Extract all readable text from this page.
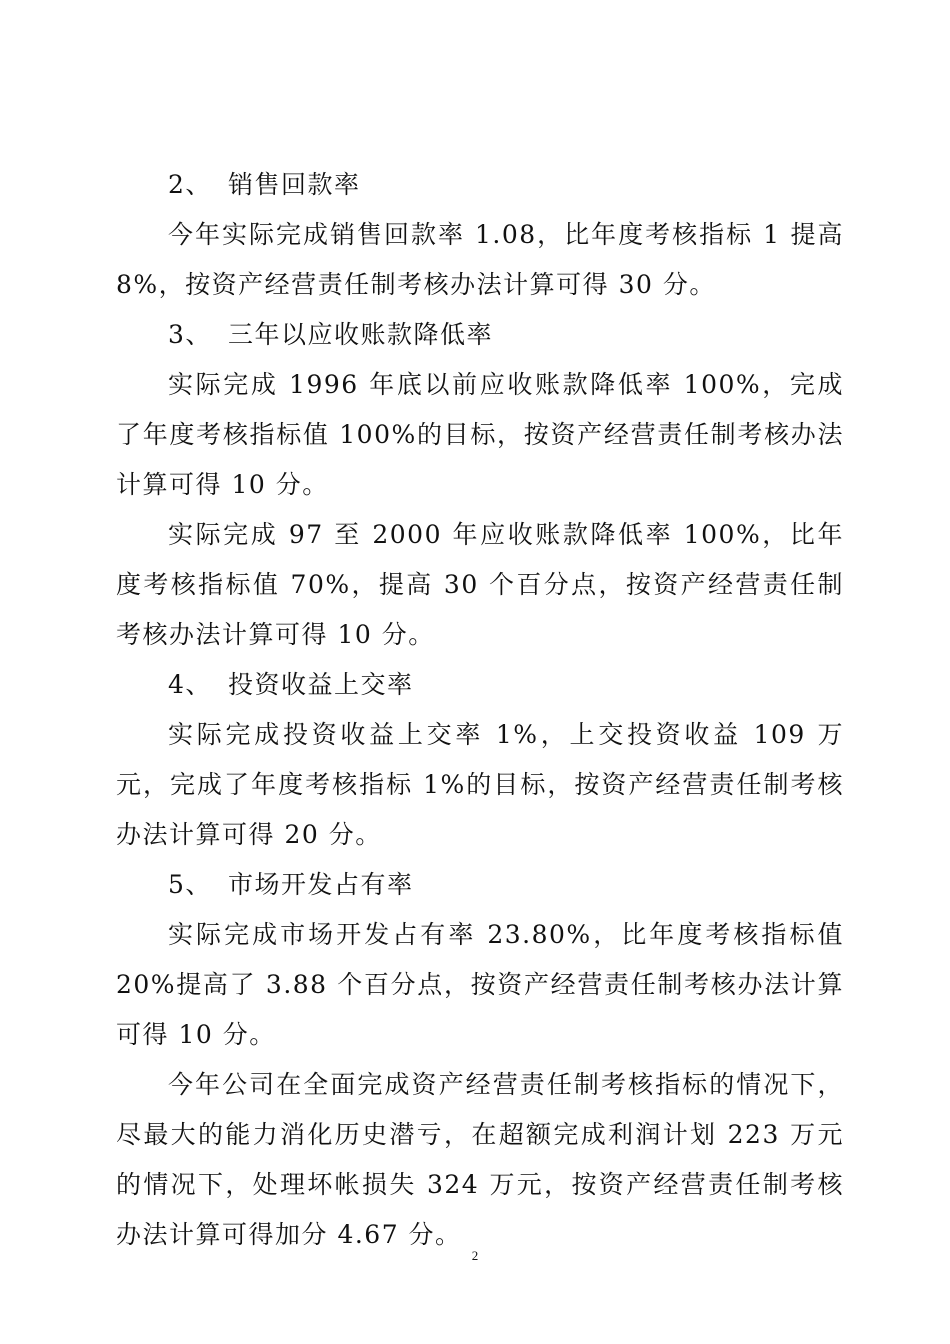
2、 销售回款率
今年实际完成销售回款率 1.08，比年度考核指标 1 提高 8%，按资产经营责任制考核办法计算可得 30 分。
3、 三年以应收账款降低率
实际完成 1996 年底以前应收账款降低率 100%，完成了年度考核指标值 100%的目标，按资产经营责任制考核办法计算可得 10 分。
实际完成 97 至 2000 年应收账款降低率 100%，比年度考核指标值 70%，提高 30 个百分点，按资产经营责任制考核办法计算可得 10 分。
4、 投资收益上交率
实际完成投资收益上交率 1%，上交投资收益 109 万元，完成了年度考核指标 1%的目标，按资产经营责任制考核办法计算可得 20 分。
5、 市场开发占有率
实际完成市场开发占有率 23.80%，比年度考核指标值 20%提高了 3.88 个百分点，按资产经营责任制考核办法计算可得 10 分。
今年公司在全面完成资产经营责任制考核指标的情况下，尽最大的能力消化历史潜亏，在超额完成利润计划 223 万元的情况下，处理坏帐损失 324 万元，按资产经营责任制考核办法计算可得加分 4.67 分。
2
